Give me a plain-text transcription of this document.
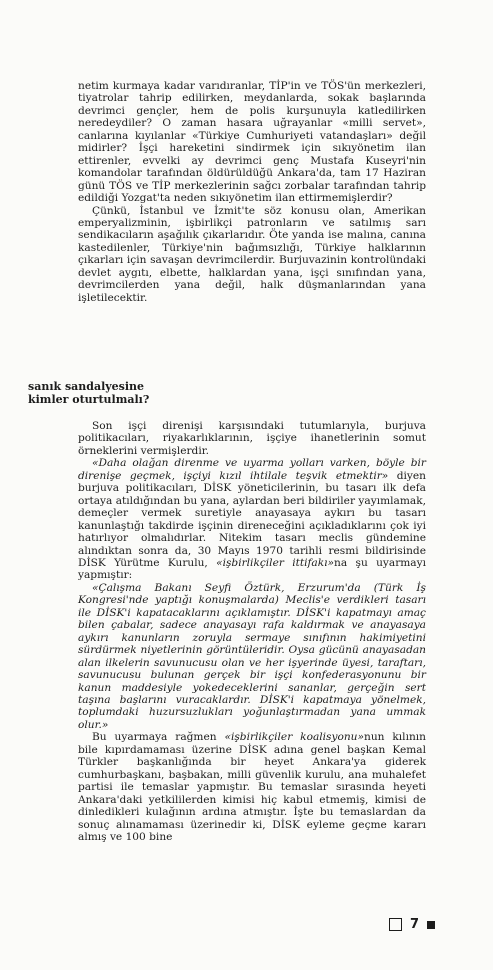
netim kurmaya kadar varıdıranlar, TİP'in ve TÖS'ün merkezleri, tiyatrolar tahrip edilirken, meydanlarda, sokak başlarında devrimci gençler, hem de polis kurşunuyla katledilirken neredeydiler? O zaman hasara uğrayanlar «milli servet», canlarına kıyılanlar «Türkiye Cumhuriyeti vatandaşları» değil midirler? İşçi hareketini sindirmek için sıkıyönetim ilan ettirenler, evvelki ay devrimci genç Mustafa Kuseyri'nin komandolar tarafından öldürüldüğü Ankara'da, tam 17 Haziran günü TÖS ve TİP merkezlerinin sağcı zorbalar tarafından tahrip edildiği Yozgat'ta neden sıkıyönetim ilan ettirmemişlerdir?

Çünkü, İstanbul ve İzmit'te söz konusu olan, Amerikan emperyalizminin, işbirlikçi patronların ve satılmış sarı sendikacıların aşağılık çıkarlarıdır. Öte yanda ise malına, canına kastedilenler, Türkiye'nin bağımsızlığı, Türkiye halklarının çıkarları için savaşan devrimcilerdir. Burjuvazinin kontrolündaki devlet aygıtı, elbette, halklardan yana, işçi sınıfından yana, devrimcilerden yana değil, halk düşmanlarından yana işletilecektir.

sanık sandalyesine
kimler oturtulmalı?

Son işçi direnişi karşısındaki tutumlarıyla, burjuva politikacıları, riyakarlıklarının, işçiye ihanetlerinin somut örneklerini vermişlerdir.

«Daha olağan direnme ve uyarma yolları varken, böyle bir direnişe geçmek, işçiyi kızıl ihtilale teşvik etmektir» diyen burjuva politikacıları, DİSK yöneticilerinin, bu tasarı ilk defa ortaya atıldığından bu yana, aylardan beri bildiriler yayımlamak, demeçler vermek suretiyle anayasaya aykırı bu tasarı kanunlaştığı takdirde işçinin direneceğini açıkladıklarını çok iyi hatırlıyor olmalıdırlar. Nitekim tasarı meclis gündemine alındıktan sonra da, 30 Mayıs 1970 tarihli resmi bildirisinde DİSK Yürütme Kurulu, «işbirlikçiler ittifakı»na şu uyarmayı yapmıştır:

«Çalışma Bakanı Seyfi Öztürk, Erzurum'da (Türk İş Kongresi'nde yaptığı konuşmalarda) Meclis'e verdikleri tasarı ile DİSK'i kapatacaklarını açıklamıştır. DİSK'i kapatmayı amaç bilen çabalar, sadece anayasayı rafa kaldırmak ve anayasaya aykırı kanunların zoruyla sermaye sınıfının hakimiyetini sürdürmek niyetlerinin görüntüleridir. Oysa gücünü anayasadan alan ilkelerin savunucusu olan ve her işyerinde üyesi, taraftarı, savunucusu bulunan gerçek bir işçi konfederasyonunu bir kanun maddesiyle yokedeceklerini sananlar, gerçeğin sert taşına başlarını vuracaklardır. DİSK'i kapatmaya yönelmek, toplumdaki huzursuzlukları yoğunlaştırmadan yana ummak olur.»

Bu uyarmaya rağmen «işbirlikçiler koalisyonu»nun kılının bile kıpırdamaması üzerine DİSK adına genel başkan Kemal Türkler başkanlığında bir heyet Ankara'ya giderek cumhurbaşkanı, başbakan, milli güvenlik kurulu, ana muhalefet partisi ile temaslar yapmıştır. Bu temaslar sırasında heyeti Ankara'daki yetkililerden kimisi hiç kabul etmemiş, kimisi de dinledikleri kulağının ardına atmıştır. İşte bu temaslardan da sonuç alınamaması üzerinedir ki, DİSK eyleme geçme kararı almış ve 100 bine

7
